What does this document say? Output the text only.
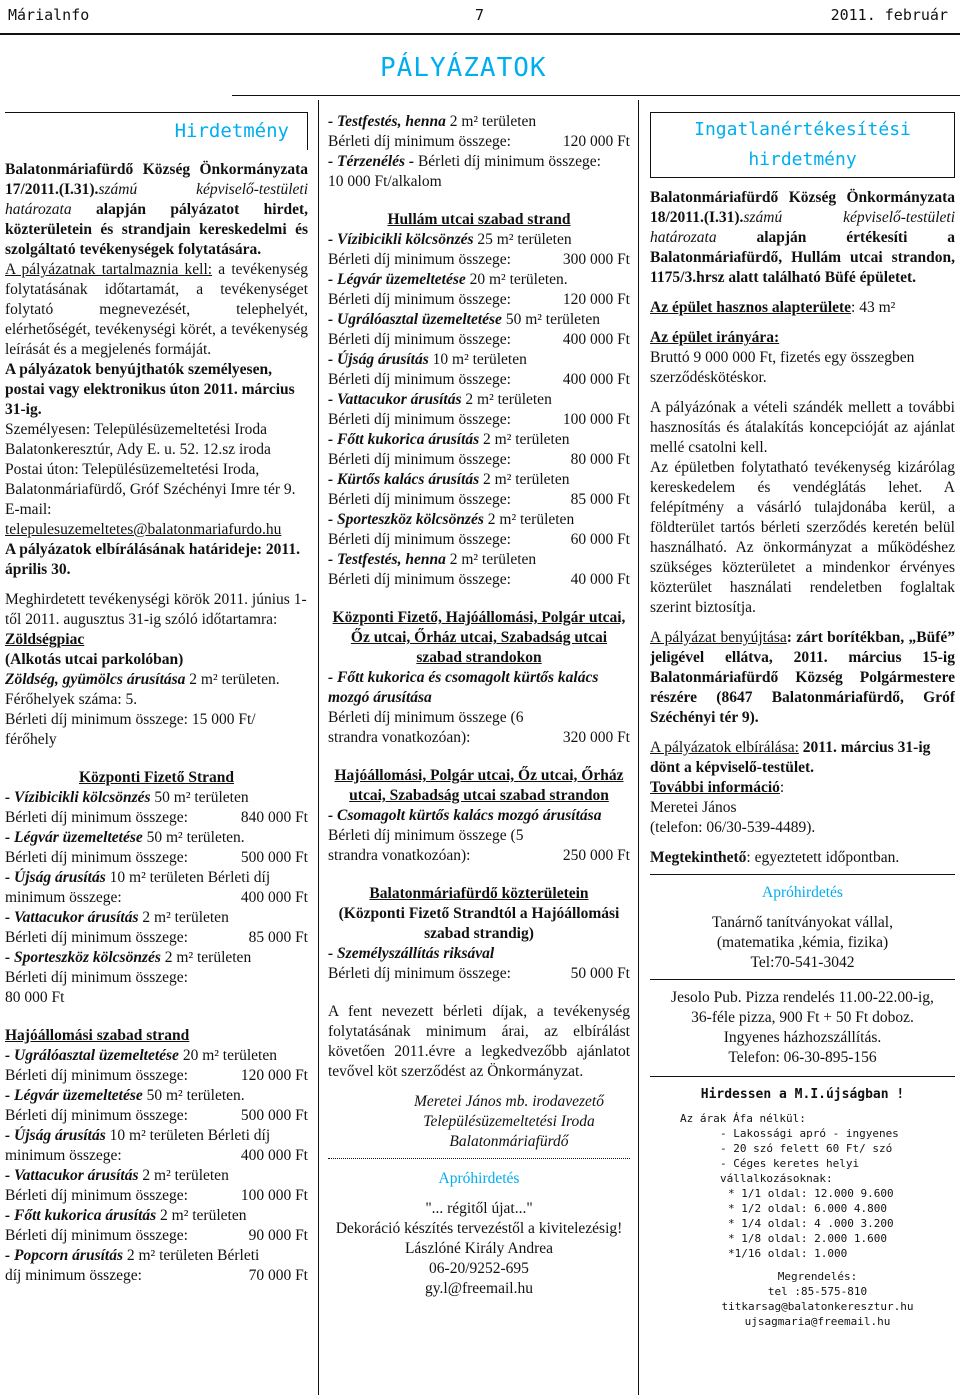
Márialnfo	7	2011. február
PÁLYÁZATOK
Hirdetmény

Balatonmáriafürdő Község Önkormányzata 17/2011.(I.31).számú képviselő-testületi határozata alapján pályázatot hirdet, közterületein és strandjain kereskedelmi és szolgáltató tevékenységek folytatására.

A pályázatnak tartalmaznia kell: a tevékenység folytatásának időtartamát, a tevékenységet folytató megnevezését, telephelyét, elérhetőségét, tevékenységi körét, a tevékenység leírását és a megjelenés formáját.

A pályázatok benyújthatók személyesen, postai vagy elektronikus úton 2011. március 31-ig.

Személyesen: Településüzemeltetési Iroda Balatonkeresztúr, Ady E. u. 52. 12.sz iroda

Postai úton: Településüzemeltetési Iroda, Balatonmáriafürdő, Gróf Széchényi Imre tér 9.

E-mail: telepulesuzemeltetes@balatonmariafurdo.hu

A pályázatok elbírálásának határideje: 2011. április 30.

Meghirdetett tevékenységi körök 2011. június 1-től 2011. augusztus 31-ig szóló időtartamra:

Zöldségpiac

(Alkotás utcai parkolóban)

Zöldség, gyümölcs árusítása 2 m² területen.

Férőhelyek száma: 5.

Bérleti díj minimum összege: 15 000 Ft/ férőhely

Központi Fizető Strand

- Vízibicikli kölcsönzés 50 m² területen

Bérleti díj minimum összege:	840 000 Ft

- Légvár üzemeltetése 50 m² területen.

Bérleti díj minimum összege:	500 000 Ft

- Újság árusítás 10 m² területen Bérleti díj

minimum összege:	400 000 Ft

- Vattacukor árusítás 2 m² területen

Bérleti díj minimum összege:	85 000 Ft

- Sporteszköz kölcsönzés 2 m² területen

Bérleti díj minimum összege:

80 000 Ft

Hajóállomási szabad strand

- Ugrálóasztal üzemeltetése 20 m² területen

Bérleti díj minimum összege:	120 000 Ft

- Légvár üzemeltetése 50 m² területen.

Bérleti díj minimum összege:	500 000 Ft

- Újság árusítás 10 m² területen Bérleti díj

minimum összege:	400 000 Ft

- Vattacukor árusítás 2 m² területen

Bérleti díj minimum összege:	100 000 Ft

- Főtt kukorica árusítás 2 m² területen

Bérleti díj minimum összege:	90 000 Ft

- Popcorn árusítás 2 m² területen Bérleti

díj minimum összege:	70 000 Ft

- Testfestés, henna 2 m² területen

Bérleti díj minimum összege:	120 000 Ft

- Térzenélés - Bérleti díj minimum összege:

10 000 Ft/alkalom

Hullám utcai szabad strand

- Vízibicikli kölcsönzés 25 m² területen

Bérleti díj minimum összege:	300 000 Ft

- Légvár üzemeltetése 20 m² területen.

Bérleti díj minimum összege:	120 000 Ft

- Ugrálóasztal üzemeltetése 50 m² területen

Bérleti díj minimum összege:	400 000 Ft

- Újság árusítás 10 m² területen

Bérleti díj minimum összege:	400 000 Ft

- Vattacukor árusítás 2 m² területen

Bérleti díj minimum összege:	100 000 Ft

- Főtt kukorica árusítás 2 m² területen

Bérleti díj minimum összege:	80 000 Ft

- Kürtős kalács árusítás 2 m² területen

Bérleti díj minimum összege:	85 000 Ft

- Sporteszköz kölcsönzés 2 m² területen

Bérleti díj minimum összege:	60 000 Ft

- Testfestés, henna 2 m² területen

Bérleti díj minimum összege:	40 000 Ft

Központi Fizető, Hajóállomási, Polgár utcai, Őz utcai, Őrház utcai, Szabadság utcai szabad strandokon

- Főtt kukorica és csomagolt kürtős kalács mozgó árusítása

Bérleti díj minimum összege (6 strandra vonatkozóan):	320 000 Ft

Hajóállomási, Polgár utcai, Őz utcai, Őrház utcai, Szabadság utcai szabad strandon

- Csomagolt kürtős kalács mozgó árusítása

Bérleti díj minimum összege (5 strandra vonatkozóan):	250 000 Ft

Balatonmáriafürdő közterületein

(Központi Fizető Strandtól a Hajóállomási szabad strandig)

- Személyszállítás riksával

Bérleti díj minimum összege:	50 000 Ft

A fent nevezett bérleti díjak, a tevékenység folytatásának minimum árai, az elbírálást követően 2011.évre a legkedvezőbb ajánlatot tevővel köt szerződést az Önkormányzat.

Meretei János mb. irodavezető

Településüzemeltetési Iroda

Balatonmáriafürdő

Apróhirdetés

"... régitől újat..."

Dekoráció készítés tervezéstől a kivitelezésig!

Lászlóné Király Andrea

06-20/9252-695

gy.l@freemail.hu

Ingatlanértékesítési
hirdetmény

Balatonmáriafürdő Község Önkormányzata 18/2011.(I.31).számú képviselő-testületi határozata alapján értékesíti a Balatonmáriafürdő, Hullám utcai strandon, 1175/3.hrsz alatt található Büfé épületet.

Az épület hasznos alapterülete: 43 m²

Az épület irányára:

Bruttó 9 000 000 Ft, fizetés egy összegben szerződéskötéskor.

A pályázónak a vételi szándék mellett a további hasznosítás és átalakítás koncepcióját az ajánlat mellé csatolni kell.

Az épületben folytatható tevékenység kizárólag kereskedelem és vendéglátás lehet. A felépítmény a vásárló tulajdonába kerül, a földterület tartós bérleti szerződés keretén belül használható. Az önkormányzat a működéshez szükséges közterületet a mindenkor érvényes közterület használati rendeletben foglaltak szerint biztosítja.

A pályázat benyújtása: zárt borítékban, „Büfé” jeligével ellátva, 2011. március 15-ig Balatonmáriafürdő Község Polgármestere részére (8647 Balatonmáriafürdő, Gróf Széchényi tér 9).

A pályázatok elbírálása: 2011. március 31-ig dönt a képviselő-testület.

További információ:

Meretei János

(telefon: 06/30-539-4489).

Megtekinthető: egyeztetett időpontban.

Apróhirdetés

Tanárnő tanítványokat vállal,

(matematika ,kémia, fizika)

Tel:70-541-3042

Jesolo Pub. Pizza rendelés 11.00-22.00-ig,

36-féle pizza, 900 Ft + 50 Ft doboz.

Ingyenes házhozszállítás.

Telefon: 06-30-895-156

Hirdessen a M.I.újságban !

Az árak Áfa nélkül:
- Lakossági apró - ingyenes
- 20 szó felett 60 Ft/ szó
- Céges keretes helyi vállalkozásoknak:
* 1/1 oldal: 12.000 9.600
* 1/2 oldal: 6.000 4.800
* 1/4 oldal: 4 .000 3.200
* 1/8 oldal: 2.000 1.600
*1/16 oldal: 1.000

Megrendelés:

tel :85-575-810

titkarsag@balatonkeresztur.hu

ujsagmaria@freemail.hu
